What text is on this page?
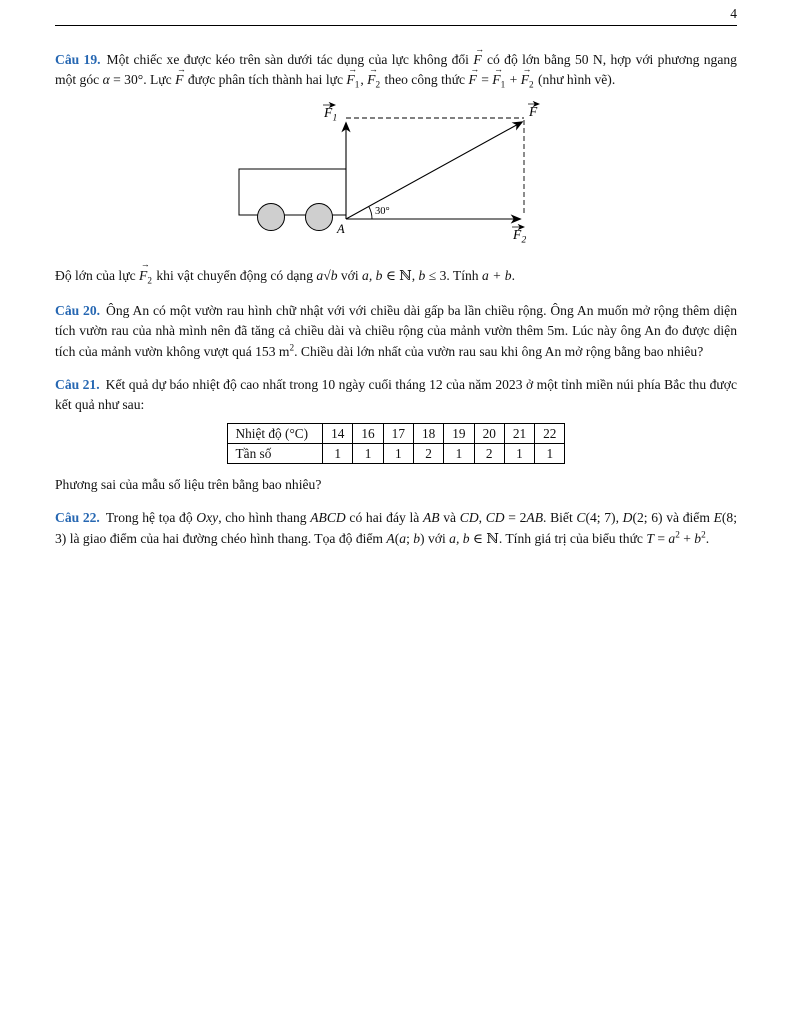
4

Câu 19. Một chiếc xe được kéo trên sàn dưới tác dụng của lực không đổi → F có độ lớn bằng 50 N, hợp với phương ngang một góc α = 30°. Lực → F được phân tích thành hai lực → $F_1$, → $F_2$ theo công thức → F = → $F_1$ + → $F_2$ (như hình vẽ).

30°
F 1	F
F 2
A

Độ lớn của lực → $F_2$ khi vật chuyển động có dạng a√b với a, b ∈ ℕ, b ≤ 3. Tính a + b.

Câu 20. Ông An có một vườn rau hình chữ nhật với với chiều dài gấp ba lần chiều rộng. Ông An muốn mở rộng thêm diện tích vườn rau của nhà mình nên đã tăng cả chiều dài và chiều rộng của mảnh vườn thêm 5m. Lúc này ông An đo được diện tích của mảnh vườn không vượt quá 153 $m^2$. Chiều dài lớn nhất của vườn rau sau khi ông An mở rộng bằng bao nhiêu?

Câu 21. Kết quả dự báo nhiệt độ cao nhất trong 10 ngày cuối tháng 12 của năm 2023 ở một tỉnh miền núi phía Bắc thu được kết quả như sau:

Nhiệt độ (°C)	14	16	17	18	19	20	21	22
Tần số	1	1	1	2	1	2	1	1

Phương sai của mẫu số liệu trên bằng bao nhiêu?

Câu 22. Trong hệ tọa độ Oxy, cho hình thang ABCD có hai đáy là AB và CD, CD = 2AB. Biết C(4; 7), D(2; 6) và điểm E(8; 3) là giao điểm của hai đường chéo hình thang. Tọa độ điểm A(a; b) với a, b ∈ ℕ. Tính giá trị của biểu thức $T = a^2 + b^2$.
